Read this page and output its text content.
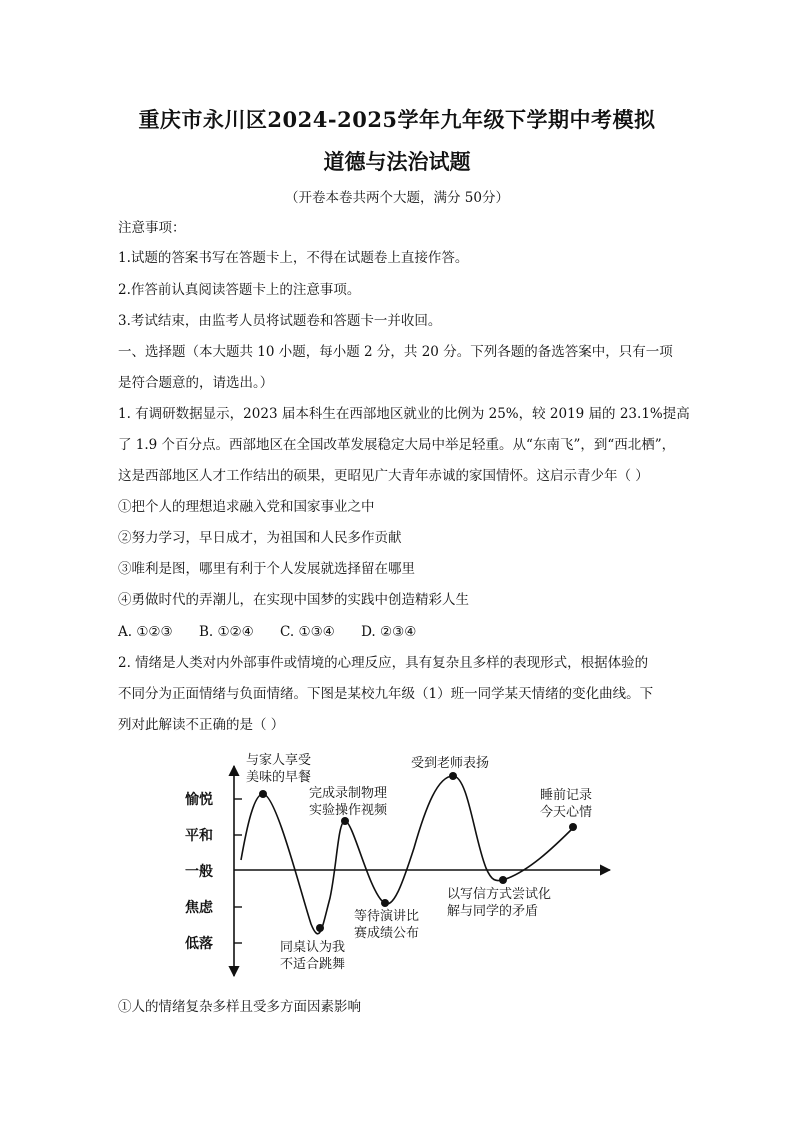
重庆市永川区2024-2025学年九年级下学期中考模拟
道德与法治试题
（开卷本卷共两个大题，满分 50分）
注意事项：
1.试题的答案书写在答题卡上，不得在试题卷上直接作答。
2.作答前认真阅读答题卡上的注意事项。
3.考试结束，由监考人员将试题卷和答题卡一并收回。
一、选择题（本大题共 10 小题，每小题 2 分，共 20 分。下列各题的备选答案中，只有一项
是符合题意的，请选出。）
1. 有调研数据显示，2023 届本科生在西部地区就业的比例为 25%，较 2019 届的 23.1%提高
了 1.9 个百分点。西部地区在全国改革发展稳定大局中举足轻重。从“东南飞”，到“西北栖”，
这是西部地区人才工作结出的硕果，更昭见广大青年赤诚的家国情怀。这启示青少年（ ）
①把个人的理想追求融入党和国家事业之中
②努力学习，早日成才，为祖国和人民多作贡献
③唯利是图，哪里有利于个人发展就选择留在哪里
④勇做时代的弄潮儿，在实现中国梦的实践中创造精彩人生
A. ①②③ B. ①②④ C. ①③④ D. ②③④
2. 情绪是人类对内外部事件或情境的心理反应，具有复杂且多样的表现形式，根据体验的
不同分为正面情绪与负面情绪。下图是某校九年级（1）班一同学某天情绪的变化曲线。下
列对此解读不正确的是（ ）
愉悦
平和
一般
焦虑
低落
与家人享受
美味的早餐
同桌认为我
不适合跳舞
完成录制物理
实验操作视频
等待演讲比
赛成绩公布
受到老师表扬
以写信方式尝试化
解与同学的矛盾
睡前记录
今天心情
①人的情绪复杂多样且受多方面因素影响
